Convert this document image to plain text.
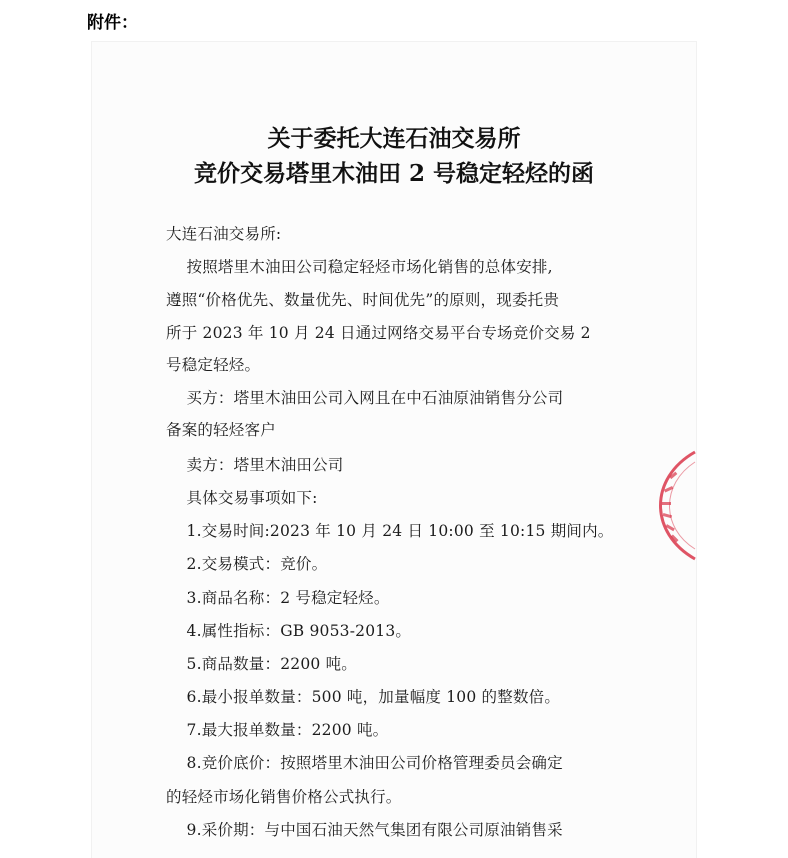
附件：
关于委托大连石油交易所
竞价交易塔里木油田 2 号稳定轻烃的函
大连石油交易所:
按照塔里木油田公司稳定轻烃市场化销售的总体安排,
遵照“价格优先、数量优先、时间优先”的原则，现委托贵
所于 2023 年 10 月 24 日通过网络交易平台专场竞价交易 2
号稳定轻烃。
买方：塔里木油田公司入网且在中石油原油销售分公司
备案的轻烃客户
卖方：塔里木油田公司
具体交易事项如下:
1.交易时间:2023 年 10 月 24 日 10:00 至 10:15 期间内。
2.交易模式：竞价。
3.商品名称：2 号稳定轻烃。
4.属性指标：GB 9053-2013。
5.商品数量：2200 吨。
6.最小报单数量：500 吨，加量幅度 100 的整数倍。
7.最大报单数量：2200 吨。
8.竞价底价：按照塔里木油田公司价格管理委员会确定
的轻烃市场化销售价格公式执行。
9.采价期：与中国石油天然气集团有限公司原油销售采
